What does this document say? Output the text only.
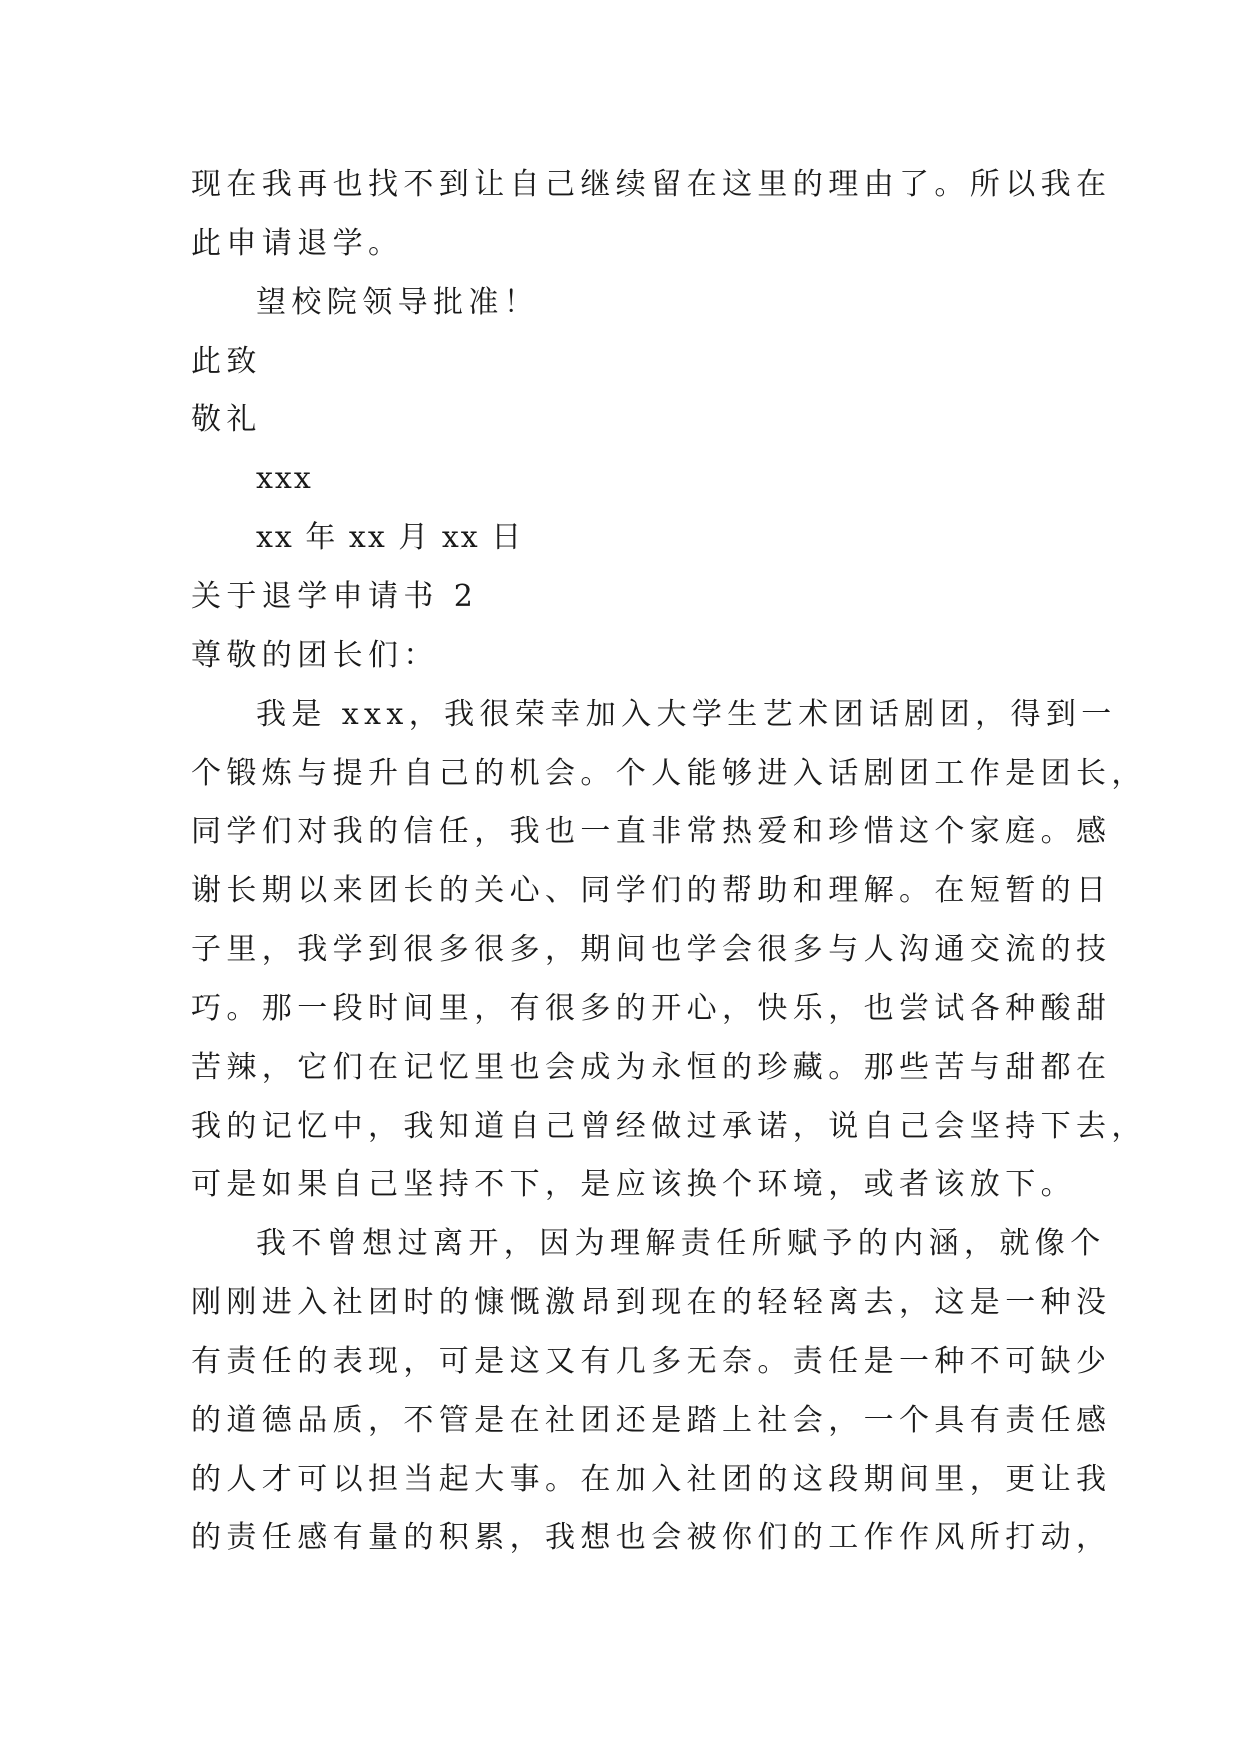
现在我再也找不到让自己继续留在这里的理由了。所以我在
此申请退学。
望校院领导批准！
此致
敬礼
xxx
xx 年 xx 月 xx 日
关于退学申请书 2
尊敬的团长们：
我是 xxx，我很荣幸加入大学生艺术团话剧团，得到一
个锻炼与提升自己的机会。个人能够进入话剧团工作是团长，
同学们对我的信任，我也一直非常热爱和珍惜这个家庭。感
谢长期以来团长的关心、同学们的帮助和理解。在短暂的日
子里，我学到很多很多，期间也学会很多与人沟通交流的技
巧。那一段时间里，有很多的开心，快乐，也尝试各种酸甜
苦辣，它们在记忆里也会成为永恒的珍藏。那些苦与甜都在
我的记忆中，我知道自己曾经做过承诺，说自己会坚持下去，
可是如果自己坚持不下，是应该换个环境，或者该放下。
我不曾想过离开，因为理解责任所赋予的内涵，就像个
刚刚进入社团时的慷慨激昂到现在的轻轻离去，这是一种没
有责任的表现，可是这又有几多无奈。责任是一种不可缺少
的道德品质，不管是在社团还是踏上社会，一个具有责任感
的人才可以担当起大事。在加入社团的这段期间里，更让我
的责任感有量的积累，我想也会被你们的工作作风所打动，
